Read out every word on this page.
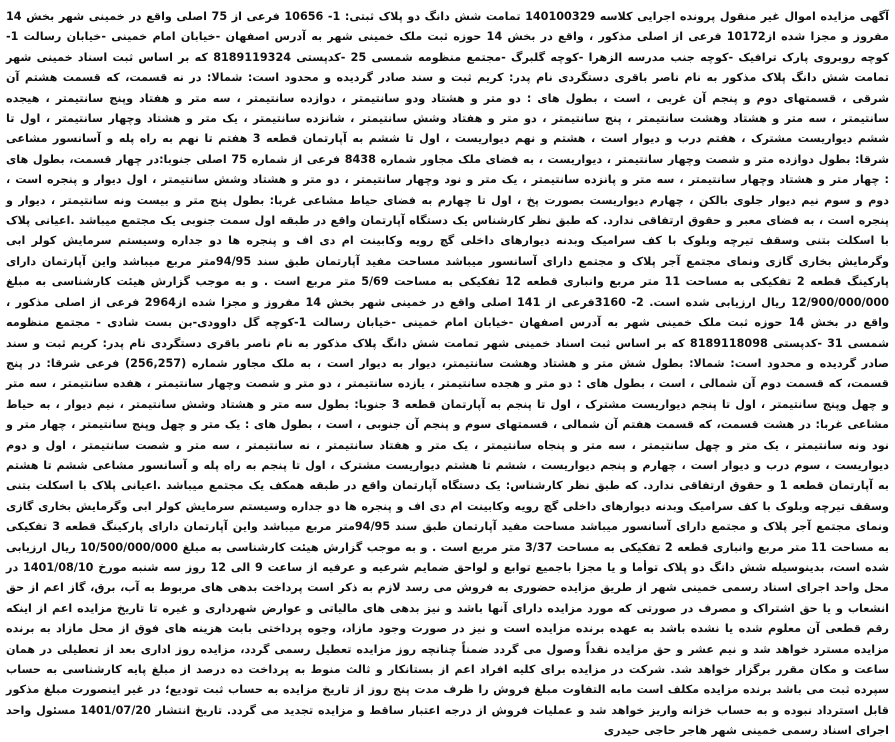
آگهی مزایده اموال غیر منقول پرونده اجرایی کلاسه 140100329 تمامت شش دانگ دو پلاک ثبتی: 1- 10656 فرعی از 75 اصلی واقع در خمینی شهر بخش 14 مفروز و مجزا شده از10172 فرعی از اصلی مذکور ، واقع در بخش 14 حوزه ثبت ملک خمینی شهر به آدرس اصفهان -خیابان امام خمینی -خیابان رسالت 1-کوچه روبروی پارک ترافیک -کوچه جنب مدرسه الزهرا -کوچه گلبرگ -مجتمع منظومه شمسی 25 -کدپستی 8189119324 که بر اساس ثبت اسناد خمینی شهر تمامت شش دانگ پلاک مذکور به نام ناصر باقری دستگردی نام پدر: کریم ثبت و سند صادر گردیده و محدود است: شمالا: در نه قسمت، که قسمت هشتم آن شرقی ، قسمتهای دوم و پنجم آن غربی ، است ، بطول های : دو متر و هشتاد ودو سانتیمتر ، دوازده سانتیمتر ، سه متر و هفتاد وپنج سانتیمتر ، هیجده سانتیمتر ، سه متر و هشتاد وهشت سانتیمتر ، پنج سانتیمتر ، دو متر و هفتاد وشش سانتیمتر ، شانزده سانتیمتر ، یک متر و هشتاد وچهار سانتیمتر ، اول تا ششم دیواریست مشترک ، هفتم درب و دیوار است ، هشتم و نهم دیواریست ، اول تا ششم به آپارتمان قطعه 3 هفتم تا نهم به راه پله و آسانسور مشاعی شرقا: بطول دوازده متر و شصت وچهار سانتیمتر ، دیواریست ، به فضای ملک مجاور شماره 8438 فرعی از شماره 75 اصلی جنوبا:در چهار قسمت، بطول های : چهار متر و هشتاد وچهار سانتیمتر ، سه متر و پانزده سانتیمتر ، یک متر و نود وچهار سانتیمتر ، دو متر و هشتاد وشش سانتیمتر ، اول دیوار و پنجره است ، دوم و سوم نیم دیوار جلوی بالکن ، چهارم دیواریست بصورت پخ ، اول تا چهارم به فضای حیاط مشاعی غربا: بطول پنج متر و بیست ونه سانتیمتر ، دیوار و پنجره است ، به فضای معبر و حقوق ارتفاقی ندارد. که طبق نظر کارشناس یک دستگاه آپارتمان واقع در طبقه اول سمت جنوبی یک مجتمع میباشد .اعیانی پلاک با اسکلت بتنی وسقف تیرچه وبلوک با کف سرامیک وبدنه دیوارهای داخلی گچ رویه وکابینت ام دی اف و پنجره ها دو جداره وسیستم سرمایش کولر ابی وگرمایش بخاری گازی ونمای مجتمع آجر پلاک و مجتمع دارای آسانسور میباشد مساحت مفید آپارتمان طبق سند 94/95متر مربع میباشد واین آپارتمان دارای پارکینگ قطعه 2 تفکیکی به مساحت 11 متر مربع وانباری قطعه 12 تفکیکی به مساحت 5/69 متر مربع است . و به موجب گزارش هیئت کارشناسی به مبلغ 12/900/000/000 ریال ارزیابی شده است. 2- 3160فرعی از 141 اصلی واقع در خمینی شهر بخش 14 مفروز و مجزا شده از2964 فرعی از اصلی مذکور ، واقع در بخش 14 حوزه ثبت ملک خمینی شهر به آدرس اصفهان -خیابان امام خمینی -خیابان رسالت 1-کوچه گل داوودی-بن بست شادی - مجتمع منظومه شمسی 31 -کدپستی 8189118098 که بر اساس ثبت اسناد خمینی شهر تمامت شش دانگ پلاک مذکور به نام ناصر باقری دستگردی نام پدر: کریم ثبت و سند صادر گردیده و محدود است: شمالا: بطول شش متر و هشتاد وهشت سانتیمتر، دیوار به دیوار است ، به ملک مجاور شماره (256,257) فرعی شرقا: در پنج قسمت، که قسمت دوم آن شمالی ، است ، بطول های : دو متر و هجده سانتیمتر ، یازده سانتیمتر ، دو متر و شصت وچهار سانتیمتر ، هفده سانتیمتر ، سه متر و چهل وپنج سانتیمتر ، اول تا پنجم دیواریست مشترک ، اول تا پنجم به آپارتمان قطعه 3 جنوبا: بطول سه متر و هشتاد وشش سانتیمتر ، نیم دیوار ، به حیاط مشاعی غربا: در هشت قسمت، که قسمت هفتم آن شمالی ، قسمتهای سوم و پنجم آن جنوبی ، است ، بطول های : یک متر و چهل وپنج سانتیمتر ، چهار متر و نود ونه سانتیمتر ، یک متر و چهل سانتیمتر ، سه متر و پنجاه سانتیمتر ، یک متر و هفتاد سانتیمتر ، نه سانتیمتر ، سه متر و شصت سانتیمتر ، اول و دوم دیواریست ، سوم درب و دیوار است ، چهارم و پنجم دیواریست ، ششم تا هشتم دیواریست مشترک ، اول تا پنجم به راه پله و آسانسور مشاعی ششم تا هشتم به آپارتمان قطعه 1 و حقوق ارتفاقی ندارد. که طبق نظر کارشناس: یک دستگاه آپارتمان واقع در طبقه همکف یک مجتمع میباشد .اعیانی پلاک با اسکلت بتنی وسقف تیرچه وبلوک با کف سرامیک وبدنه دیوارهای داخلی گچ رویه وکابینت ام دی اف و پنجره ها دو جداره وسیستم سرمایش کولر ابی وگرمایش بخاری گازی ونمای مجتمع آجر پلاک و مجتمع دارای آسانسور میباشد مساحت مفید آپارتمان طبق سند 94/95متر مربع میباشد واین آپارتمان دارای پارکینگ قطعه 3 تفکیکی به مساحت 11 متر مربع وانباری قطعه 2 تفکیکی به مساحت 3/37 متر مربع است . و به موجب گزارش هیئت کارشناسی به مبلغ 10/500/000/000 ریال ارزیابی شده است، بدینوسیله شش دانگ دو پلاک توأما و یا مجزا باجمیع توابع و لواحق ضمایم شرعیه و عرفیه از ساعت 9 الی 12 روز سه شنبه مورخ 1401/08/10 در محل واحد اجرای اسناد رسمی خمینی شهر از طریق مزایده حضوری به فروش می رسد لازم به ذکر است پرداخت بدهی های مربوط به آب، برق، گاز اعم از حق انشعاب و یا حق اشتراک و مصرف در صورتی که مورد مزایده دارای آنها باشد و نیز بدهی های مالیاتی و عوارض شهرداری و غیره تا تاریخ مزایده اعم از اینکه رقم قطعی آن معلوم شده یا نشده باشد به عهده برنده مزایده است و نیز در صورت وجود مازاد، وجوه پرداختی بابت هزینه های فوق از محل مازاد به برنده مزایده مسترد خواهد شد و نیم عشر و حق مزایده نقداً وصول می گردد ضمناً چنانچه روز مزایده تعطیل رسمی گردد، مزایده روز اداری بعد از تعطیلی در همان ساعت و مکان مقرر برگزار خواهد شد. شرکت در مزایده برای کلیه افراد اعم از بستانکار و ثالث منوط به پرداخت ده درصد از مبلغ پایه کارشناسی به حساب سپرده ثبت می باشد برنده مزایده مکلف است مابه التفاوت مبلغ فروش را ظرف مدت پنج روز از تاریخ مزایده به حساب ثبت تودیع؛ در غیر اینصورت مبلغ مذکور قابل استرداد نبوده و به حساب خزانه واریز خواهد شد و عملیات فروش از درجه اعتبار ساقط و مزایده تجدید می گردد. تاریخ انتشار 1401/07/20 مسئول واحد اجرای اسناد رسمی خمینی شهر هاجر حاجی حیدری
